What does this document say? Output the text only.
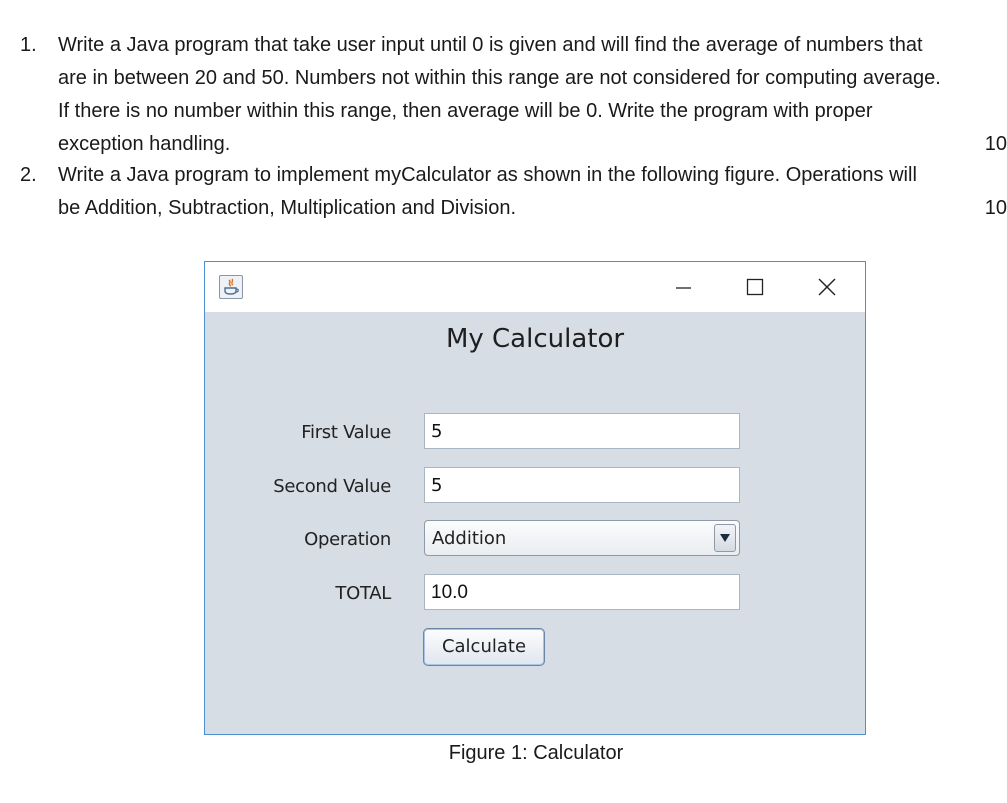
1. Write a Java program that take user input until 0 is given and will find the average of numbers that
are in between 20 and 50. Numbers not within this range are not considered for computing average.
If there is no number within this range, then average will be 0. Write the program with proper
exception handling.	10
2. Write a Java program to implement myCalculator as shown in the following figure. Operations will
be Addition, Subtraction, Multiplication and Division.	10
My Calculator
First Value	5
Second Value	5
Operation Addition
TOTAL	10.0
Calculate
Figure 1: Calculator
